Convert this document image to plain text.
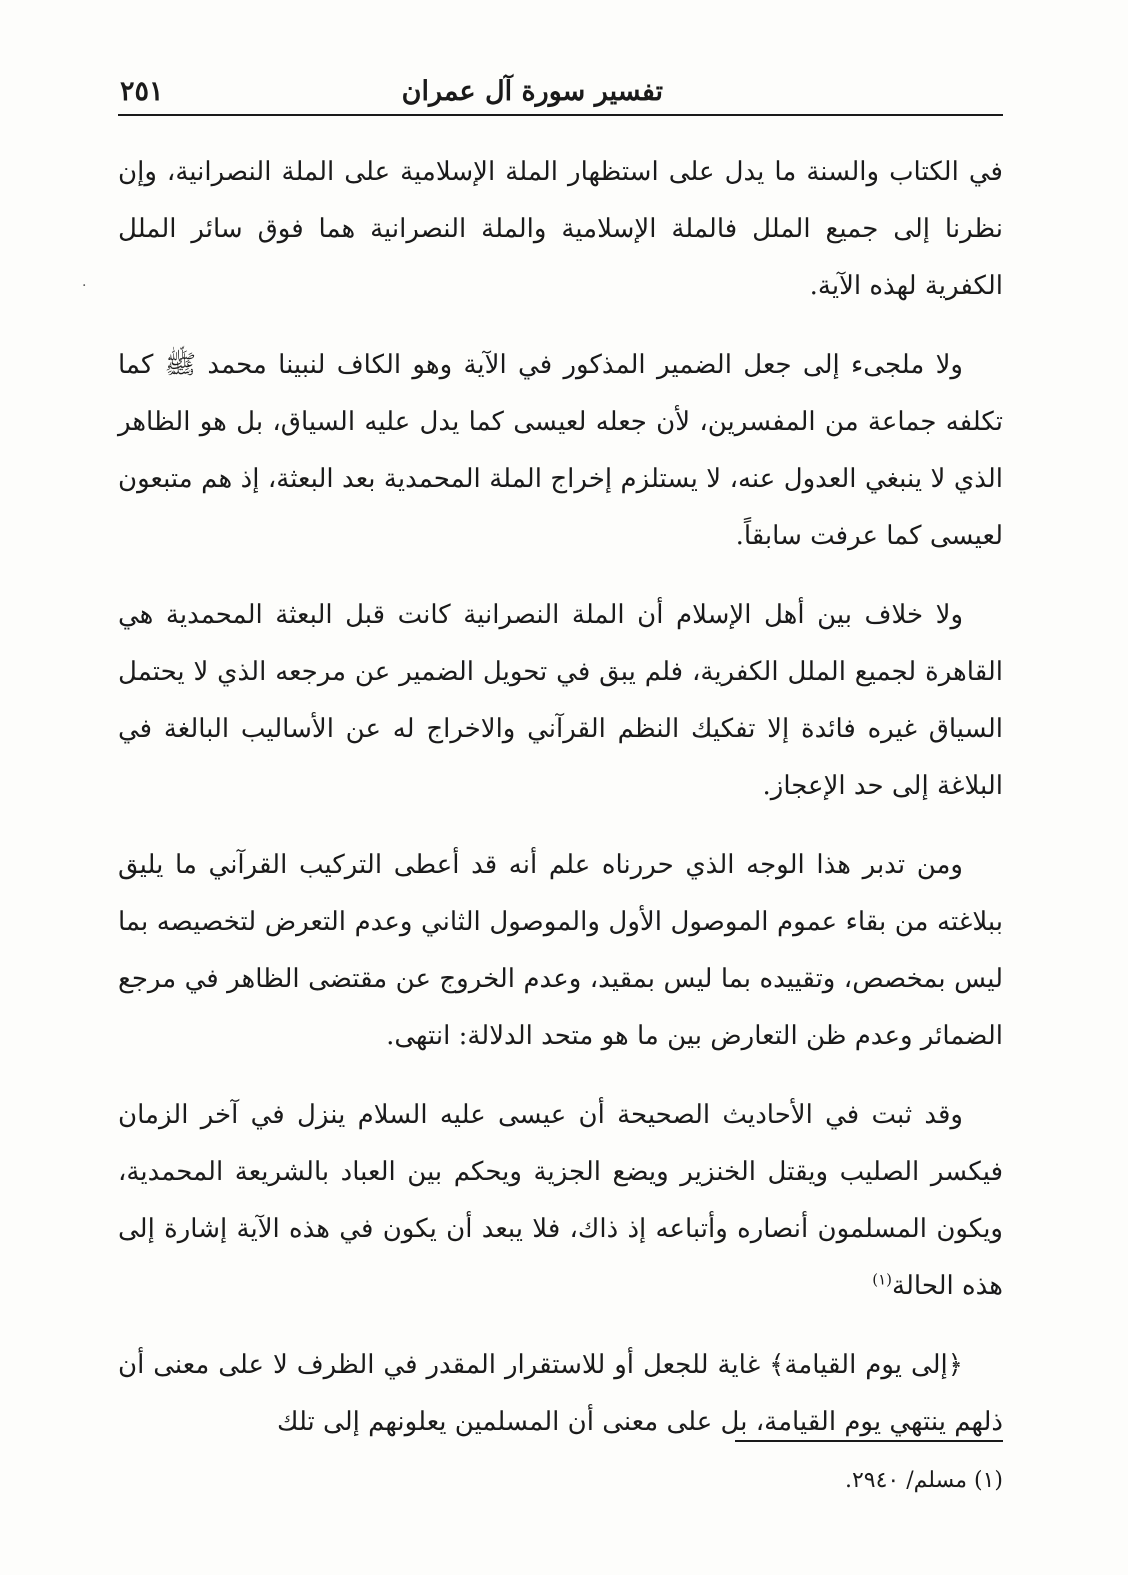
تفسير سورة آل عمران
٢٥١

في الكتاب والسنة ما يدل على استظهار الملة الإسلامية على الملة النصرانية، وإن نظرنا إلى جميع الملل فالملة الإسلامية والملة النصرانية هما فوق سائر الملل الكفرية لهذه الآية.

ولا ملجىء إلى جعل الضمير المذكور في الآية وهو الكاف لنبينا محمد ﷺ كما تكلفه جماعة من المفسرين، لأن جعله لعيسى كما يدل عليه السياق، بل هو الظاهر الذي لا ينبغي العدول عنه، لا يستلزم إخراج الملة المحمدية بعد البعثة، إذ هم متبعون لعيسى كما عرفت سابقاً.

ولا خلاف بين أهل الإسلام أن الملة النصرانية كانت قبل البعثة المحمدية هي القاهرة لجميع الملل الكفرية، فلم يبق في تحويل الضمير عن مرجعه الذي لا يحتمل السياق غيره فائدة إلا تفكيك النظم القرآني والاخراج له عن الأساليب البالغة في البلاغة إلى حد الإعجاز.

ومن تدبر هذا الوجه الذي حررناه علم أنه قد أعطى التركيب القرآني ما يليق ببلاغته من بقاء عموم الموصول الأول والموصول الثاني وعدم التعرض لتخصيصه بما ليس بمخصص، وتقييده بما ليس بمقيد، وعدم الخروج عن مقتضى الظاهر في مرجع الضمائر وعدم ظن التعارض بين ما هو متحد الدلالة: انتهى.

وقد ثبت في الأحاديث الصحيحة أن عيسى عليه السلام ينزل في آخر الزمان فيكسر الصليب ويقتل الخنزير ويضع الجزية ويحكم بين العباد بالشريعة المحمدية، ويكون المسلمون أنصاره وأتباعه إذ ذاك، فلا يبعد أن يكون في هذه الآية إشارة إلى هذه الحالة$^{(١)}$

﴿إلى يوم القيامة﴾ غاية للجعل أو للاستقرار المقدر في الظرف لا على معنى أن ذلهم ينتهي يوم القيامة، بل على معنى أن المسلمين يعلونهم إلى تلك

(١) مسلم/ ٢٩٤٠.
·
